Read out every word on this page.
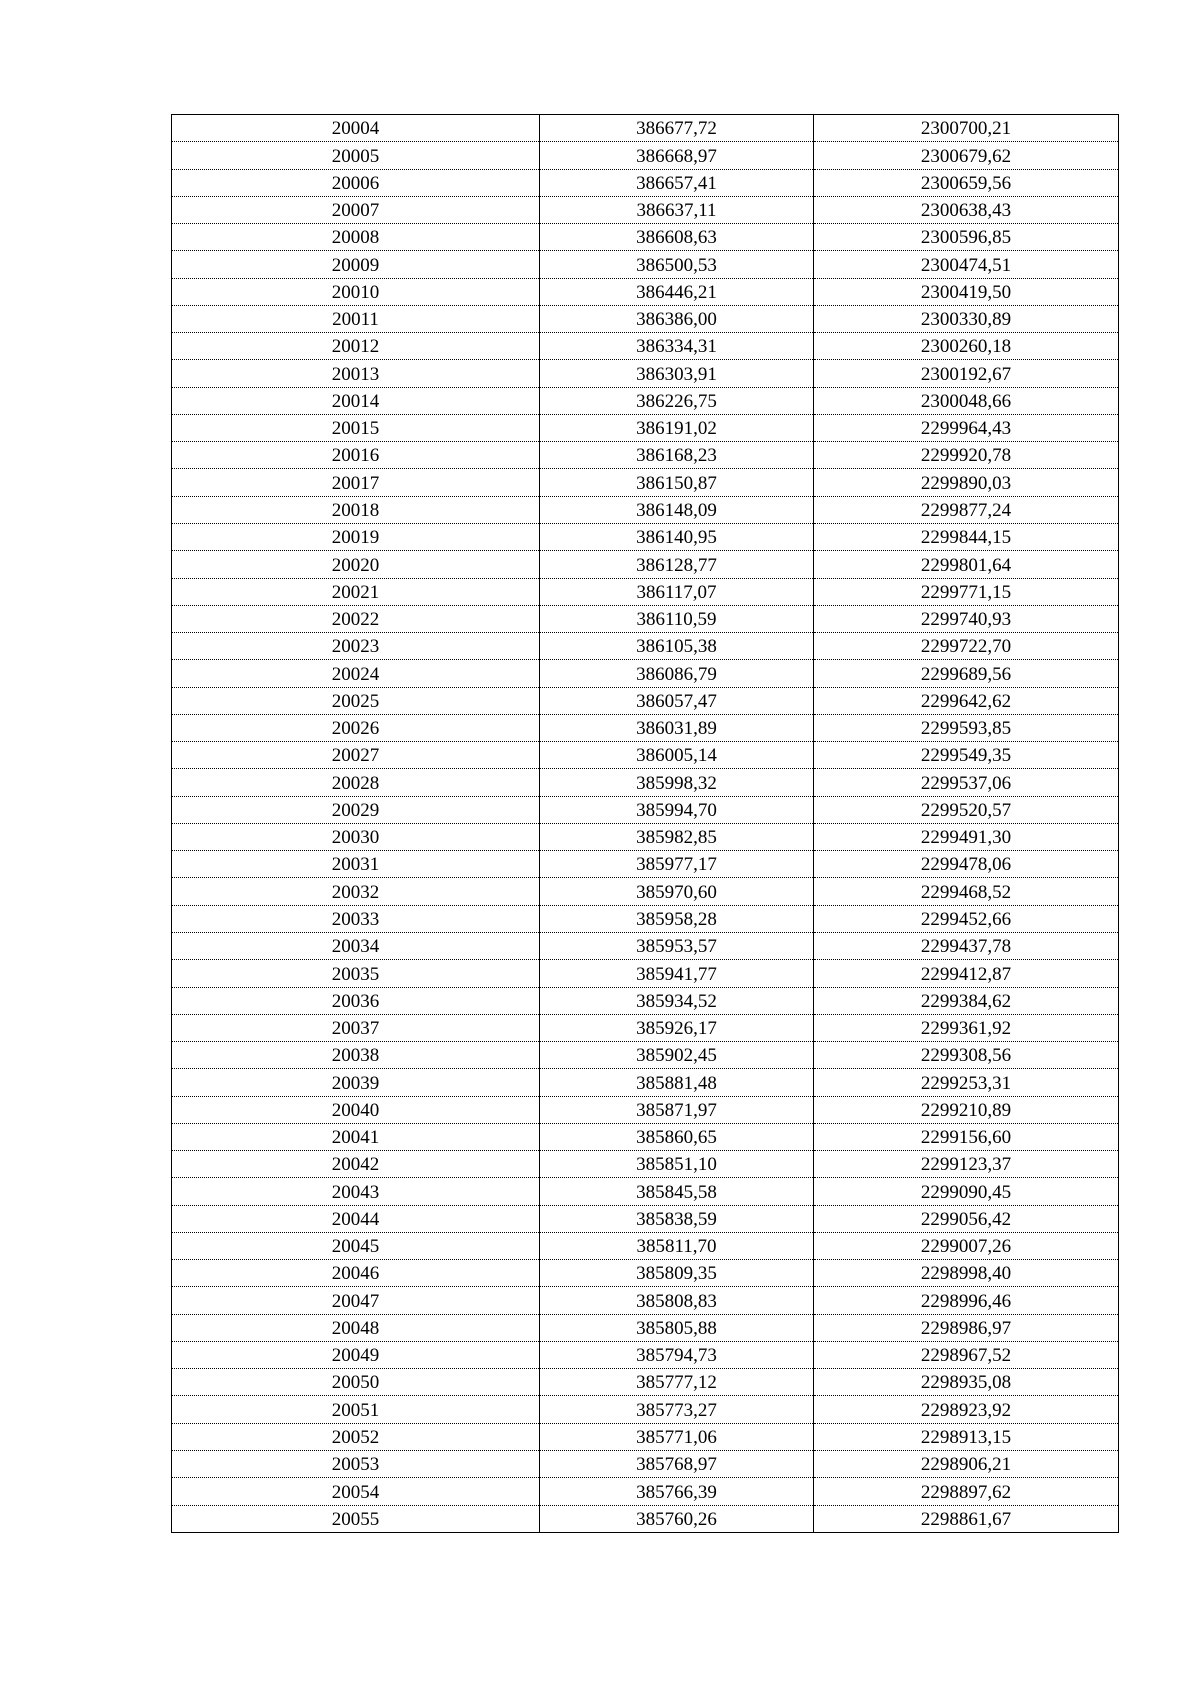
20004	386677,72	2300700,21
20005	386668,97	2300679,62
20006	386657,41	2300659,56
20007	386637,11	2300638,43
20008	386608,63	2300596,85
20009	386500,53	2300474,51
20010	386446,21	2300419,50
20011	386386,00	2300330,89
20012	386334,31	2300260,18
20013	386303,91	2300192,67
20014	386226,75	2300048,66
20015	386191,02	2299964,43
20016	386168,23	2299920,78
20017	386150,87	2299890,03
20018	386148,09	2299877,24
20019	386140,95	2299844,15
20020	386128,77	2299801,64
20021	386117,07	2299771,15
20022	386110,59	2299740,93
20023	386105,38	2299722,70
20024	386086,79	2299689,56
20025	386057,47	2299642,62
20026	386031,89	2299593,85
20027	386005,14	2299549,35
20028	385998,32	2299537,06
20029	385994,70	2299520,57
20030	385982,85	2299491,30
20031	385977,17	2299478,06
20032	385970,60	2299468,52
20033	385958,28	2299452,66
20034	385953,57	2299437,78
20035	385941,77	2299412,87
20036	385934,52	2299384,62
20037	385926,17	2299361,92
20038	385902,45	2299308,56
20039	385881,48	2299253,31
20040	385871,97	2299210,89
20041	385860,65	2299156,60
20042	385851,10	2299123,37
20043	385845,58	2299090,45
20044	385838,59	2299056,42
20045	385811,70	2299007,26
20046	385809,35	2298998,40
20047	385808,83	2298996,46
20048	385805,88	2298986,97
20049	385794,73	2298967,52
20050	385777,12	2298935,08
20051	385773,27	2298923,92
20052	385771,06	2298913,15
20053	385768,97	2298906,21
20054	385766,39	2298897,62
20055	385760,26	2298861,67
